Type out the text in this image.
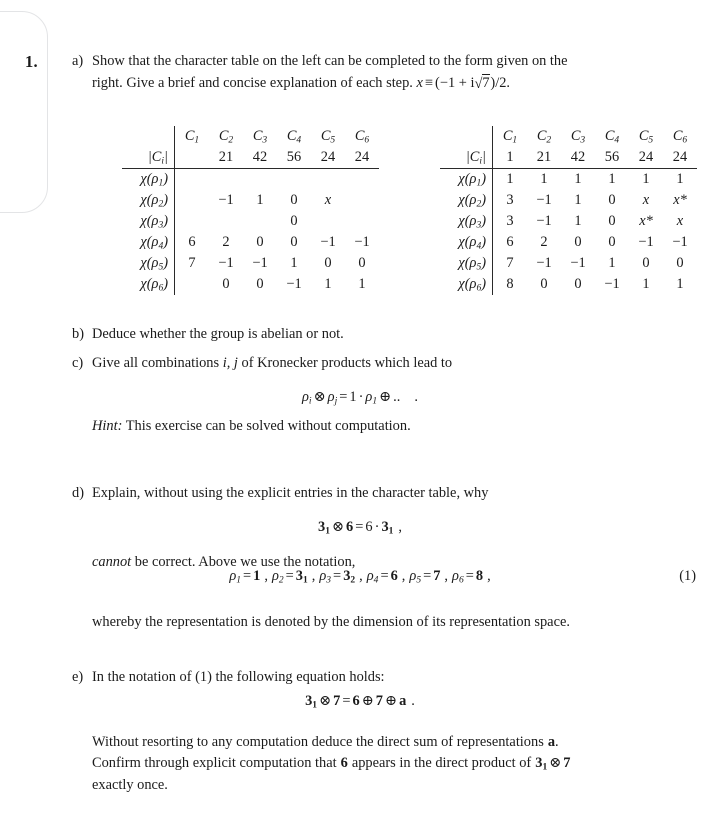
1. a) Show that the character table on the left can be completed to the form given on the

right. Give a brief and concise explanation of each step. x ≡ (−1 + i√7)/2.

	$C_1$	$C_2$	$C_3$	$C_4$	$C_5$	$C_6$
$|C_i|$		21	42	56	24	24
$\chi(\rho_1)$						
$\chi(\rho_2)$		−1	1	0	x	
$\chi(\rho_3)$				0		
$\chi(\rho_4)$	6	2	0	0	−1	−1
$\chi(\rho_5)$	7	−1	−1	1	0	0
$\chi(\rho_6)$		0	0	−1	1	1
	$C_1$	$C_2$	$C_3$	$C_4$	$C_5$	$C_6$
$|C_i|$	1	21	42	56	24	24
$\chi(\rho_1)$	1	1	1	1	1	1
$\chi(\rho_2)$	3	−1	1	0	x	x*
$\chi(\rho_3)$	3	−1	1	0	x*	x
$\chi(\rho_4)$	6	2	0	0	−1	−1
$\chi(\rho_5)$	7	−1	−1	1	0	0
$\chi(\rho_6)$	8	0	0	−1	1	1
b) Deduce whether the group is abelian or not.
c) Give all combinations i, j of Kronecker products which lead to
$\rho_i$ ⊗ $\rho_j = 1 \cdot \rho_1$ ⊕ .. .
Hint: This exercise can be solved without computation.
d) Explain, without using the explicit entries in the character table, why
$3_1$ ⊗ $6 = 6 \cdot 3_1$ ,
cannot be correct. Above we use the notation,
$\rho_1 = 1$ , $\rho_2 = 3_1$ , $\rho_3 = 3_2$ , $\rho_4 = 6$ , $\rho_5 = 7$ , $\rho_6 = 8$ ,	(1)
whereby the representation is denoted by the dimension of its representation space.
e) In the notation of (1) the following equation holds:
$3_1$ ⊗ 7 = 6 ⊕ 7 ⊕ a .

Without resorting to any computation deduce the direct sum of representations a.

Confirm through explicit computation that 6 appears in the direct product of $3_1$ ⊗ 7

exactly once.
